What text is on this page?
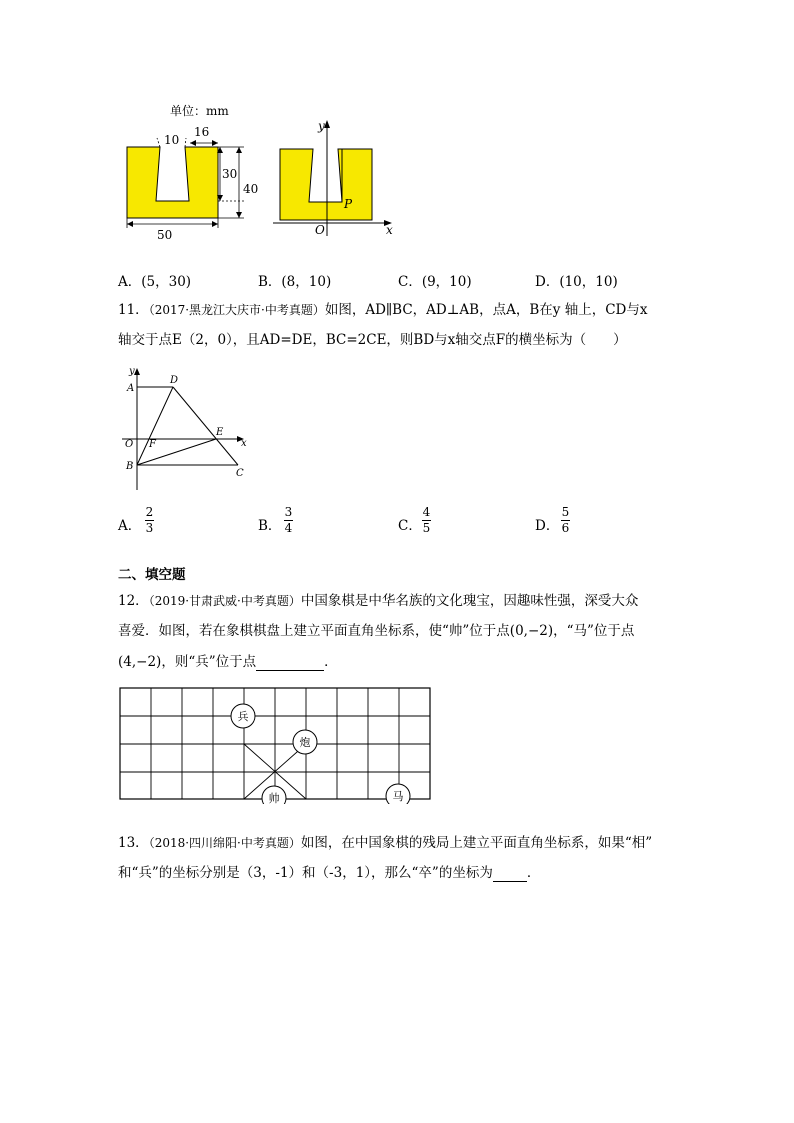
单位：mm
10
16
30
40
50
y
x
O
P
A．(5，30)	B．(8，10)	C．(9，10)	D．(10，10)
11．（2017·黑龙江大庆市·中考真题）如图，AD∥BC，AD⊥AB，点A，B在y 轴上，CD与x
轴交于点E（2，0），且AD=DE，BC=2CE，则BD与x轴交点F的横坐标为（　　）
y
x
A
D
O F
E
B
C
A．
2
3	B．
3
4	C．
4
5	D．
5
6
二、填空题
12．（2019·甘肃武威·中考真题）中国象棋是中华名族的文化瑰宝，因趣味性强，深受大众
喜爱．如图，若在象棋棋盘上建立平面直角坐标系，使“帅”位于点(0,−2)，“马”位于点
(4,−2)，则“兵”位于点	．
兵
炮
帅	马
13．（2018·四川绵阳·中考真题）如图，在中国象棋的残局上建立平面直角坐标系，如果“相”
和“兵”的坐标分别是（3，-1）和（-3，1），那么“卒”的坐标为	．
